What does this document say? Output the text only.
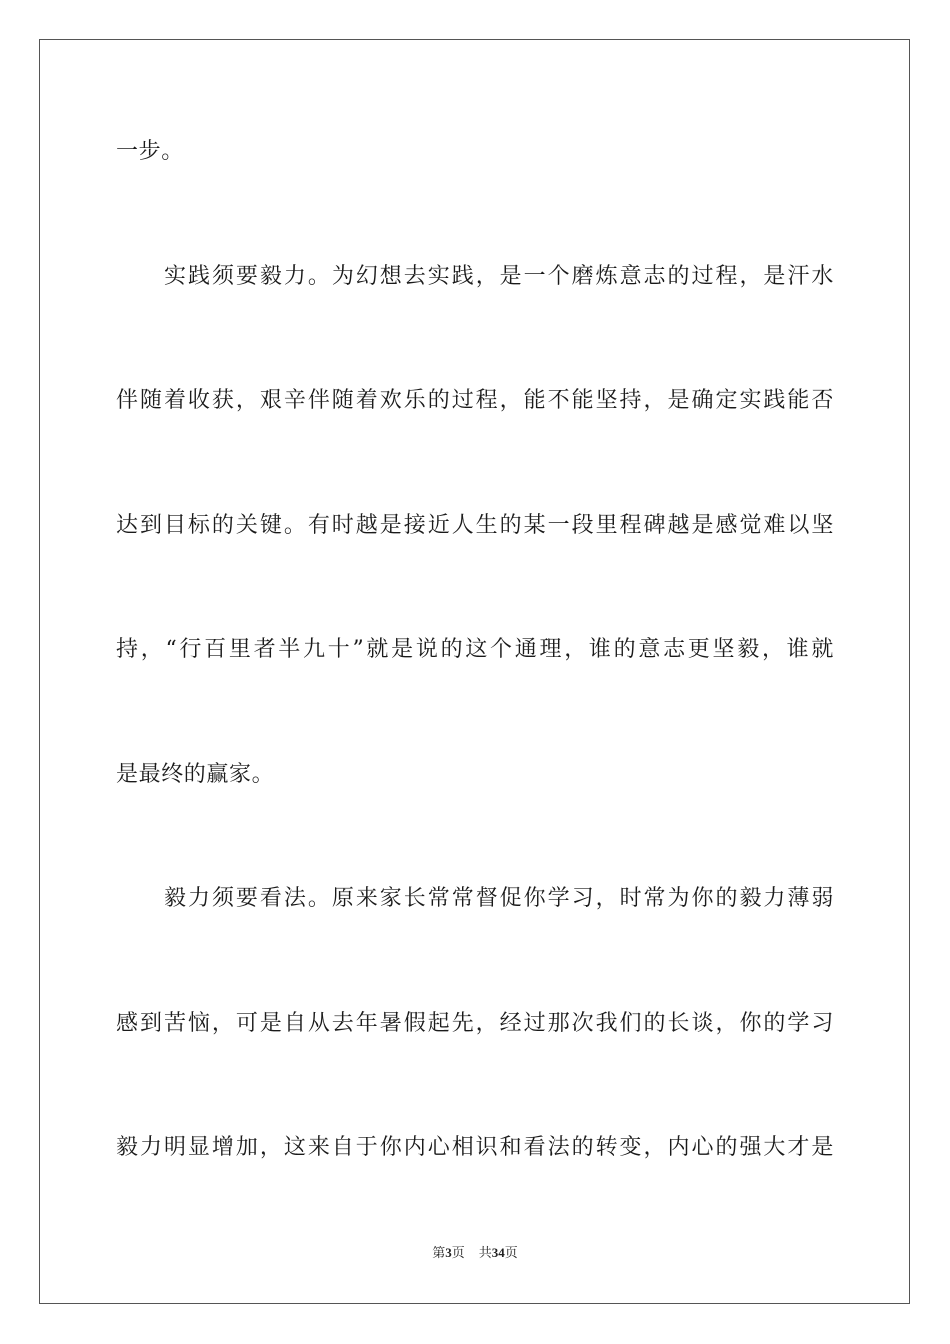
一步。
实践须要毅力。为幻想去实践，是一个磨炼意志的过程，是汗水
伴随着收获，艰辛伴随着欢乐的过程，能不能坚持，是确定实践能否
达到目标的关键。有时越是接近人生的某一段里程碑越是感觉难以坚
持，“行百里者半九十”就是说的这个通理，谁的意志更坚毅，谁就
是最终的赢家。
毅力须要看法。原来家长常常督促你学习，时常为你的毅力薄弱
感到苦恼，可是自从去年暑假起先，经过那次我们的长谈，你的学习
毅力明显增加，这来自于你内心相识和看法的转变，内心的强大才是
第3页 共34页
